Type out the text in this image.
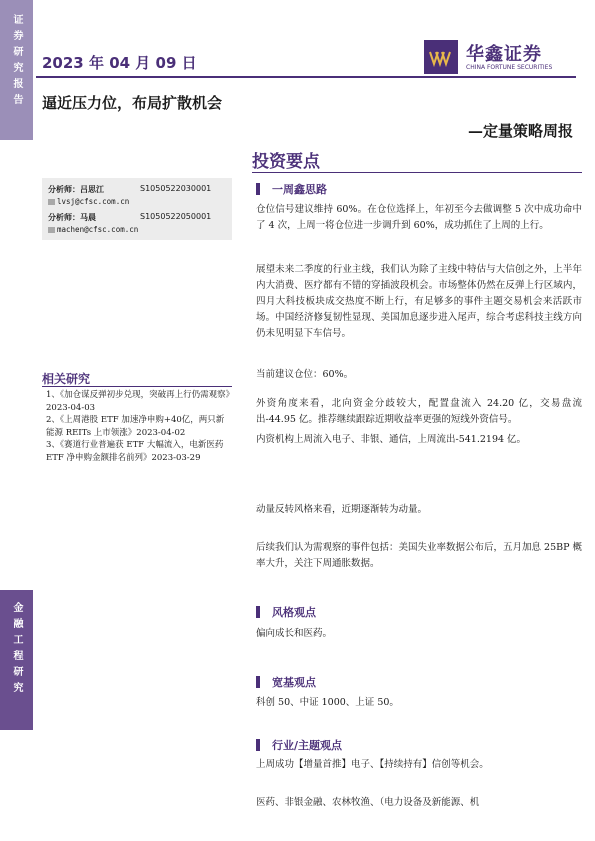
证券研究报告
金融工程研究
2023 年 04 月 09 日	华鑫证券
CHINA FORTUNE SECURITIES
逼近压力位，布局扩散机会
—定量策略周报
投资要点
分析师：吕思江	S1050522030001
lvsj@cfsc.com.cn
分析师：马晨	S1050522050001
machen@cfsc.com.cn
相关研究
1、《加仓谋反弹初步兑现，突破再上行仍需观察》2023-04-03
2、《上周港股 ETF 加速净申购+40亿，两只新能源 REITs 上市领涨》2023-04-02
3、《赛道行业普遍获 ETF 大幅流入，电新医药 ETF 净申购金额排名前列》2023-03-29
一周鑫思路
仓位信号建议维持 60%。在仓位选择上，年初至今去做调整 5 次中成功命中了 4 次，上周一将仓位进一步调升到 60%，成功抓住了上周的上行。
展望未来二季度的行业主线，我们认为除了主线中特估与大信创之外，上半年内大消费、医疗都有不错的穿插波段机会。市场整体仍然在反弹上行区域内，四月大科技板块成交热度不断上行，有足够多的事件主题交易机会来活跃市场。中国经济修复韧性显现、美国加息逐步进入尾声，综合考虑科技主线方向仍未见明显下车信号。
当前建议仓位：60%。
外资角度来看，北向资金分歧较大，配置盘流入 24.20 亿，交易盘流出-44.95 亿。推荐继续跟踪近期收益率更强的短线外资信号。
内资机构上周流入电子、非银、通信，上周流出-541.2194 亿。
动量反转风格来看，近期逐渐转为动量。
后续我们认为需观察的事件包括：美国失业率数据公布后，五月加息 25BP 概率大升，关注下周通胀数据。
风格观点
偏向成长和医药。
宽基观点
科创 50、中证 1000、上证 50。
行业/主题观点
上周成功【增量首推】电子、【持续持有】信创等机会。
医药、非银金融、农林牧渔、（电力设备及新能源、机
